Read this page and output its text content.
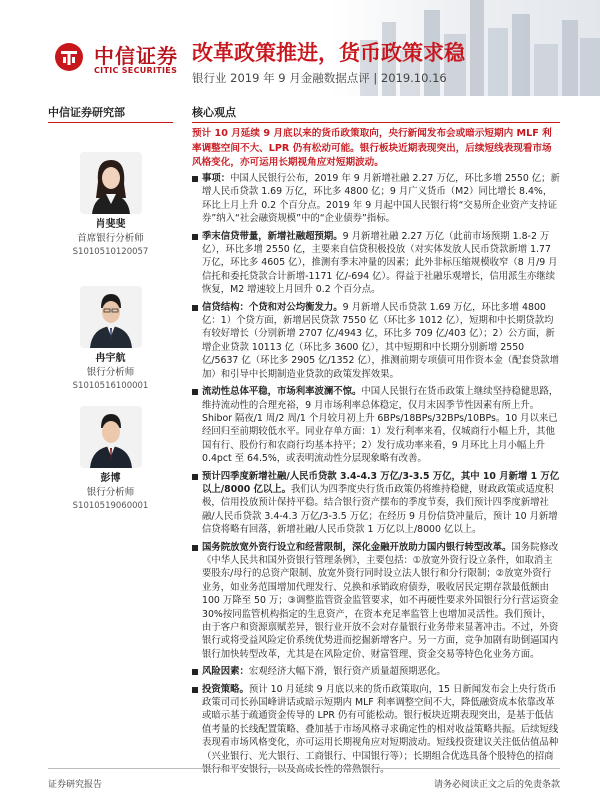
中信证券
CITIC SECURITIES
改革政策推进，货币政策求稳
银行业 2019 年 9 月金融数据点评 | 2019.10.16
中信证券研究部
肖斐斐
首席银行分析师
S1010510120057
冉宇航
银行分析师
S1010516100001
彭博
银行分析师
S1010519060001
核心观点
预计 10 月延续 9 月底以来的货币政策取向，央行新闻发布会或暗示短期内 MLF 利率调整空间不大、LPR 仍有松动可能。银行板块近期表现突出，后续短线表现看市场风格变化，亦可运用长期视角应对短期波动。
事项：中国人民银行公布，2019 年 9 月新增社融 2.27 万亿，环比多增 2550 亿；新增人民币贷款 1.69 万亿，环比多 4800 亿；9 月广义货币（M2）同比增长 8.4%，环比上月上升 0.2 个百分点。2019 年 9 月起中国人民银行将“交易所企业资产支持证券”纳入“社会融资规模”中的“企业债券”指标。
季末信贷带量，新增社融超预期。9 月新增社融 2.27 万亿（此前市场预期 1.8-2 万亿），环比多增 2550 亿，主要来自信贷积极投放（对实体发放人民币贷款新增 1.77 万亿，环比多 4605 亿），推测有季末冲量的因素；此外非标压缩规模收窄（8 月/9 月信托和委托贷款合计新增-1171 亿/-694 亿）。得益于社融乐观增长，信用派生亦继续恢复，M2 增速较上月回升 0.2 个百分点。
信贷结构：个贷和对公均衡发力。9 月新增人民币贷款 1.69 万亿，环比多增 4800 亿：1）个贷方面，新增居民贷款 7550 亿（环比多 1012 亿），短期和中长期贷款均有较好增长（分别新增 2707 亿/4943 亿，环比多 709 亿/403 亿）；2）公方面，新增企业贷款 10113 亿（环比多 3600 亿），其中短期和中长期分别新增 2550 亿/5637 亿（环比多 2905 亿/1352 亿），推测前期专项债可用作资本金（配套贷款增加）和引导中长期制造业贷款的政策发挥效果。
流动性总体平稳，市场利率波澜不惊。中国人民银行在货币政策上继续坚持稳健思路，维持流动性的合理充裕，9 月市场利率总体稳定，仅月末因季节性因素有所上升。Shibor 隔夜/1 周/2 周/1 个月较月初上升 6BPs/18BPs/32BPs/10BPs。10 月以来已经回归至前期较低水平。同业存单方面：1）发行利率来看，仅城商行小幅上升，其他国有行、股份行和农商行均基本持平；2）发行成功率来看，9 月环比上月小幅上升 0.4pct 至 64.5%，或表明流动性分层现象略有改善。
预计四季度新增社融/人民币贷款 3.4-4.3 万亿/3-3.5 万亿，其中 10 月新增 1 万亿以上/8000 亿以上。我们认为四季度央行货币政策仍将维持稳健，财政政策或适度积极，信用投放预计保持平稳。结合银行资产摆布的季度节奏，我们预计四季度新增社融/人民币贷款 3.4-4.3 万亿/3-3.5 万亿；在经历 9 月份信贷冲量后，预计 10 月新增信贷将略有回落，新增社融/人民币贷款 1 万亿以上/8000 亿以上。
国务院放宽外资行设立和经营限制，深化金融开放助力国内银行转型改革。国务院修改《中华人民共和国外资银行管理条例》，主要包括：①放宽外资行设立条件，如取消主要股东/母行的总资产限制、放宽外资行同时设立法人银行和分行限制；②放宽外资行业务，如业务范围增加代理发行、兑换和承销政府债券，吸收居民定期存款最低额由 100 万降至 50 万；③调整监管资金监管要求，如不再硬性要求外国银行分行营运资金 30%按同监管机构指定的生息资产，在资本充足率监管上也增加灵活性。我们预计，由于客户和资源禀赋差异，银行业开放不会对存量银行业务带来显著冲击。不过，外资银行或将受益风险定价系统优势进而挖掘新增客户。另一方面，竞争加剧有助倒逼国内银行加快转型改革，尤其是在风险定价、财富管理、资金交易等特色化业务方面。
风险因素：宏观经济大幅下滑，银行资产质量超预期恶化。
投资策略。预计 10 月延续 9 月底以来的货币政策取向，15 日新闻发布会上央行货币政策司司长孙国峰讲话或暗示短期内 MLF 利率调整空间不大，降低融资成本依靠改革或暗示基于疏通资金传导的 LPR 仍有可能松动。银行板块近期表现突出，是基于低估值考量的长线配置策略、叠加基于市场风格寻求确定性的相对收益策略共振。后续短线表现看市场风格变化，亦可运用长期视角应对短期波动。短线投资建议关注低估值品种（兴业银行、光大银行、工商银行、中国银行等）；长期组合优选具备个股特色的招商银行和平安银行，以及高成长性的常熟银行。
证券研究报告	请务必阅读正文之后的免责条款
